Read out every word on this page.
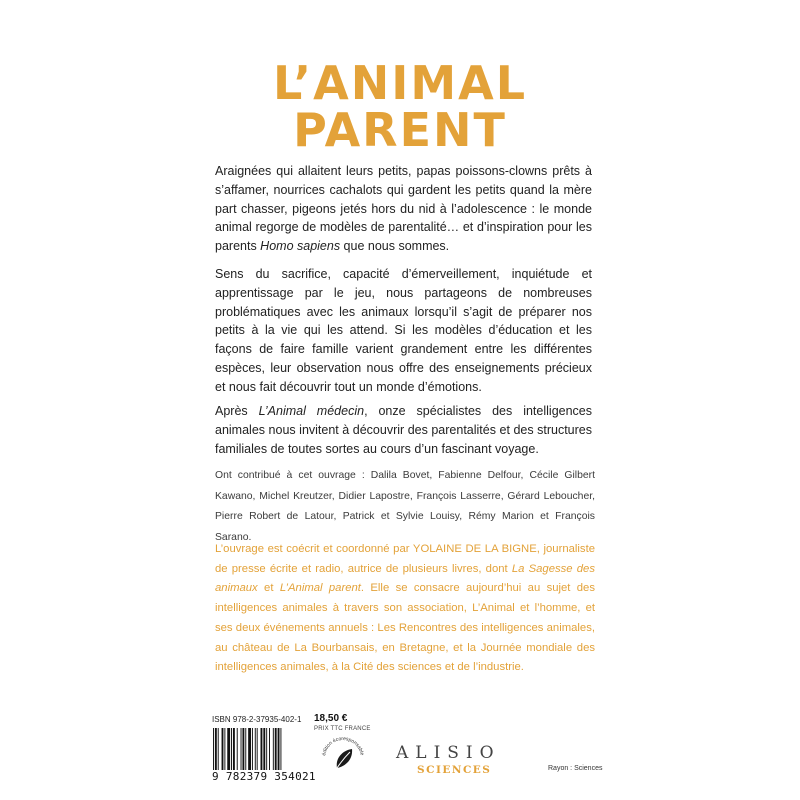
L’ANIMAL
PARENT
Araignées qui allaitent leurs petits, papas poissons-clowns prêts à s’affamer, nourrices cachalots qui gardent les petits quand la mère part chasser, pigeons jetés hors du nid à l’adolescence : le monde animal regorge de modèles de parentalité… et d’inspiration pour les parents Homo sapiens que nous sommes.
Sens du sacrifice, capacité d’émerveillement, inquiétude et apprentissage par le jeu, nous partageons de nombreuses problématiques avec les animaux lorsqu’il s’agit de préparer nos petits à la vie qui les attend. Si les modèles d’éducation et les façons de faire famille varient grandement entre les différentes espèces, leur observation nous offre des enseignements précieux et nous fait découvrir tout un monde d’émotions.
Après L’Animal médecin, onze spécialistes des intelligences animales nous invitent à découvrir des parentalités et des structures familiales de toutes sortes au cours d’un fascinant voyage.
Ont contribué à cet ouvrage : Dalila Bovet, Fabienne Delfour, Cécile Gilbert Kawano, Michel Kreutzer, Didier Lapostre, François Lasserre, Gérard Leboucher, Pierre Robert de Latour, Patrick et Sylvie Louisy, Rémy Marion et François Sarano.
L’ouvrage est coécrit et coordonné par YOLAINE DE LA BIGNE, journaliste de presse écrite et radio, autrice de plusieurs livres, dont La Sagesse des animaux et L’Animal parent. Elle se consacre aujourd’hui au sujet des intelligences animales à travers son association, L’Animal et l’homme, et ses deux événements annuels : Les Rencontres des intelligences animales, au château de La Bourbansais, en Bretagne, et la Journée mondiale des intelligences animales, à la Cité des sciences et de l’industrie.
ISBN 978-2-37935-402-1 18,50 €
PRIX TTC FRANCE
9 782379 354021
édition écoresponsable ALISIO
SCIENCES	Rayon : Sciences
